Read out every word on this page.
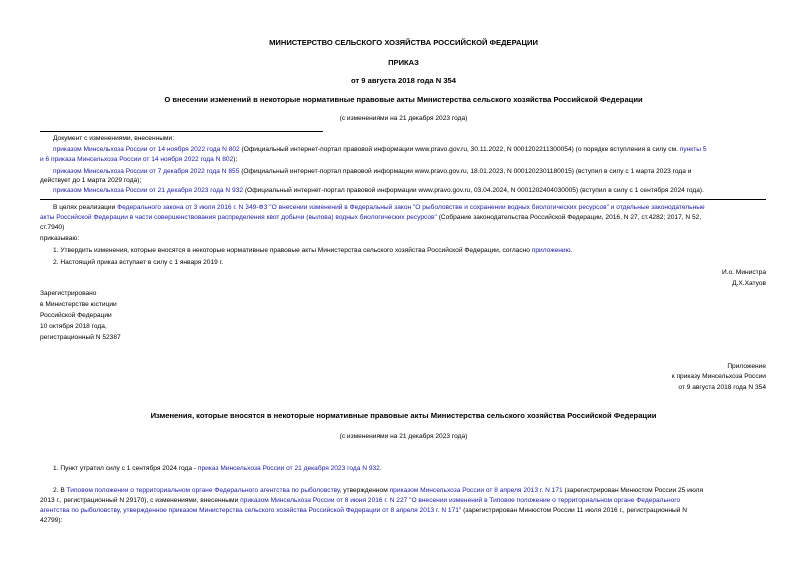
МИНИСТЕРСТВО СЕЛЬСКОГО ХОЗЯЙСТВА РОССИЙСКОЙ ФЕДЕРАЦИИ
ПРИКАЗ
от 9 августа 2018 года N 354
О внесении изменений в некоторые нормативные правовые акты Министерства сельского хозяйства Российской Федерации
(с изменениями на 21 декабря 2023 года)
Документ с изменениями, внесенными:
приказом Минсельхоза России от 14 ноября 2022 года N 802 (Официальный интернет-портал правовой информации www.pravo.gov.ru, 30.11.2022, N 0001202211300054) (о порядке вступления в силу см. пункты 5
и 6 приказа Минсельхоза России от 14 ноября 2022 года N 802);
приказом Минсельхоза России от 7 декабря 2022 года N 855 (Официальный интернет-портал правовой информации www.pravo.gov.ru, 18.01.2023, N 0001202301180015) (вступил в силу с 1 марта 2023 года и
действует до 1 марта 2029 года);
приказом Минсельхоза России от 21 декабря 2023 года N 932 (Официальный интернет-портал правовой информации www.pravo.gov.ru, 03.04.2024, N 0001202404030005) (вступил в силу с 1 сентября 2024 года).
В целях реализации Федерального закона от 3 июля 2016 г. N 349-ФЗ "О внесении изменений в Федеральный закон "О рыболовстве и сохранении водных биологических ресурсов" и отдельные законодательные
акты Российской Федерации в части совершенствования распределения квот добычи (вылова) водных биологических ресурсов" (Собрание законодательства Российской Федерации, 2016, N 27, ст.4282; 2017, N 52,
ст.7940)
приказываю:
1. Утвердить изменения, которые вносятся в некоторые нормативные правовые акты Министерства сельского хозяйства Российской Федерации, согласно приложению.
2. Настоящий приказ вступает в силу с 1 января 2019 г.
И.о. Министра
Д.Х.Хатуов
Зарегистрировано
в Министерстве юстиции
Российской Федерации
10 октября 2018 года,
регистрационный N 52387
Приложение
к приказу Минсельхоза России
от 9 августа 2018 года N 354
Изменения, которые вносятся в некоторые нормативные правовые акты Министерства сельского хозяйства Российской Федерации
(с изменениями на 21 декабря 2023 года)
1. Пункт утратил силу с 1 сентября 2024 года - приказ Минсельхоза России от 21 декабря 2023 года N 932.
2. В Типовом положении о территориальном органе Федерального агентства по рыболовству, утвержденном приказом Минсельхоза России от 8 апреля 2013 г. N 171 (зарегистрирован Минюстом России 25 июля
2013 г., регистрационный N 29170), с изменениями, внесенными приказом Минсельхоза России от 8 июня 2016 г. N 227 "О внесении изменений в Типовое положение о территориальном органе Федерального
агентства по рыболовству, утвержденное приказом Министерства сельского хозяйства Российской Федерации от 8 апреля 2013 г. N 171" (зарегистрирован Минюстом России 11 июля 2016 г., регистрационный N
42799):
